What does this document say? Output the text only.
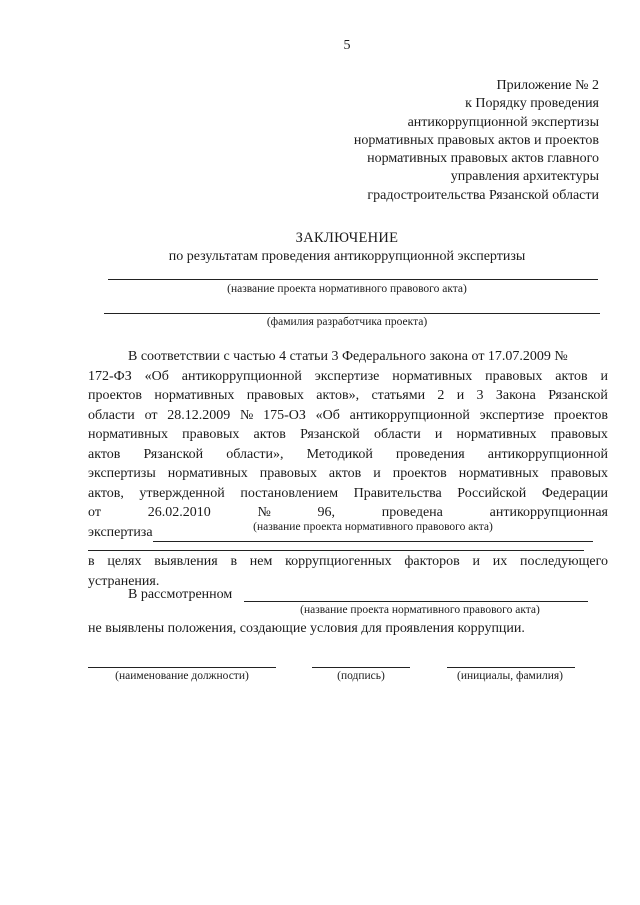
5
Приложение № 2
к Порядку проведения
антикоррупционной экспертизы
нормативных правовых актов и проектов
нормативных правовых актов главного
управления архитектуры
градостроительства Рязанской области
ЗАКЛЮЧЕНИЕ
по результатам проведения антикоррупционной экспертизы
(название проекта нормативного правового акта)
(фамилия разработчика проекта)
В соответствии с частью 4 статьи 3 Федерального закона от 17.07.2009 №
172-ФЗ «Об антикоррупционной экспертизе нормативных правовых актов и
проектов нормативных правовых актов», статьями 2 и 3 Закона Рязанской
области от 28.12.2009 № 175-ОЗ «Об антикоррупционной экспертизе проектов
нормативных правовых актов Рязанской области и нормативных правовых
актов Рязанской области», Методикой проведения антикоррупционной
экспертизы нормативных правовых актов и проектов нормативных правовых
актов, утвержденной постановлением Правительства Российской Федерации
от	26.02.2010	№	96,	проведена	антикоррупционная
экспертиза	(название проекта нормативного правового акта)
в целях выявления в нем коррупциогенных факторов и их последующего
устранения.
В рассмотренном
(название проекта нормативного правового акта)
не выявлены положения, создающие условия для проявления коррупции.
(наименование должности)	(подпись)	(инициалы, фамилия)
